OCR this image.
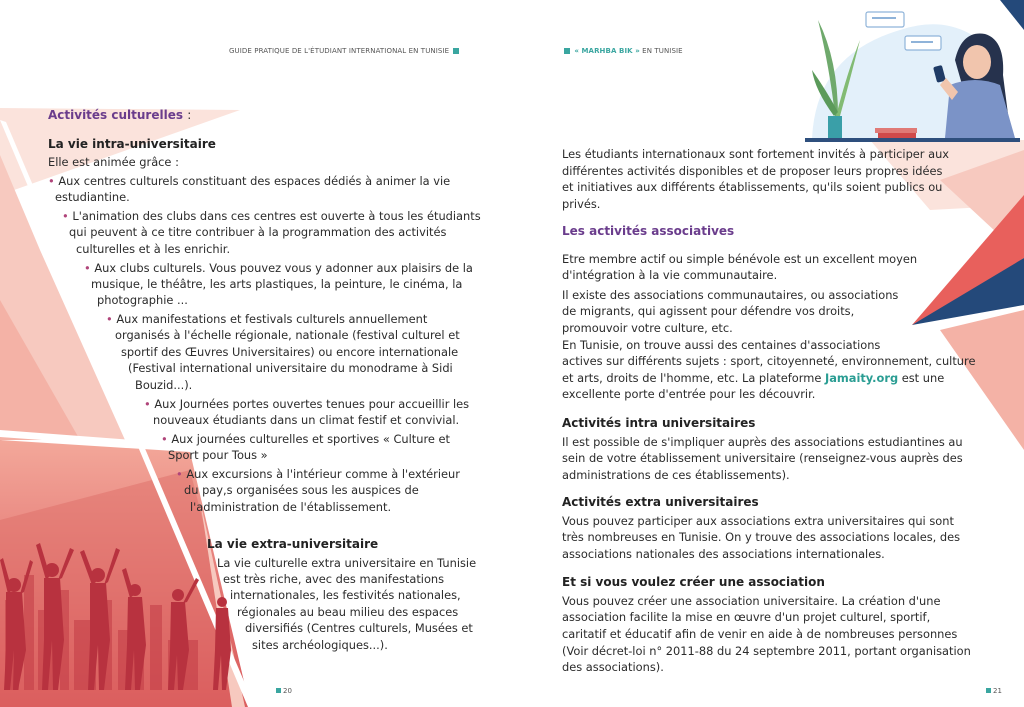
GUIDE PRATIQUE DE L'ÉTUDIANT INTERNATIONAL EN TUNISIE
Activités culturelles :
La vie intra-universitaire
Elle est animée grâce :
• Aux centres culturels constituant des espaces dédiés à animer la vie
estudiantine.
• L'animation des clubs dans ces centres est ouverte à tous les étudiants
qui peuvent à ce titre contribuer à la programmation des activités
culturelles et à les enrichir.
• Aux clubs culturels. Vous pouvez vous y adonner aux plaisirs de la
musique, le théâtre, les arts plastiques, la peinture, le cinéma, la
photographie ...
• Aux manifestations et festivals culturels annuellement
organisés à l'échelle régionale, nationale (festival culturel et
sportif des Œuvres Universitaires) ou encore internationale
(Festival international universitaire du monodrame à Sidi
Bouzid...).
• Aux Journées portes ouvertes tenues pour accueillir les
nouveaux étudiants dans un climat festif et convivial.
• Aux journées culturelles et sportives « Culture et
Sport pour Tous »
• Aux excursions à l'intérieur comme à l'extérieur
du pay,s organisées sous les auspices de
l'administration de l'établissement.
La vie extra-universitaire
La vie culturelle extra universitaire en Tunisie
est très riche, avec des manifestations
internationales, les festivités nationales,
régionales au beau milieu des espaces
diversifiés (Centres culturels, Musées et
sites archéologiques...).
20
« MARHBA BIK » EN TUNISIE
Les étudiants internationaux sont fortement invités à participer aux
différentes activités disponibles et de proposer leurs propres idées
et initiatives aux différents établissements, qu'ils soient publics ou
privés.
Les activités associatives
Etre membre actif ou simple bénévole est un excellent moyen
d'intégration à la vie communautaire.
Il existe des associations communautaires, ou associations
de migrants, qui agissent pour défendre vos droits,
promouvoir votre culture, etc.
En Tunisie, on trouve aussi des centaines d'associations
actives sur différents sujets : sport, citoyenneté, environnement, culture
et arts, droits de l'homme, etc. La plateforme Jamaity.org est une
excellente porte d'entrée pour les découvrir.
Activités intra universitaires
Il est possible de s'impliquer auprès des associations estudiantines au
sein de votre établissement universitaire (renseignez-vous auprès des
administrations de ces établissements).
Activités extra universitaires
Vous pouvez participer aux associations extra universitaires qui sont
très nombreuses en Tunisie. On y trouve des associations locales, des
associations nationales des associations internationales.
Et si vous voulez créer une association
Vous pouvez créer une association universitaire. La création d'une
association facilite la mise en œuvre d'un projet culturel, sportif,
caritatif et éducatif afin de venir en aide à de nombreuses personnes
(Voir décret-loi n° 2011-88 du 24 septembre 2011, portant organisation
des associations).
21
